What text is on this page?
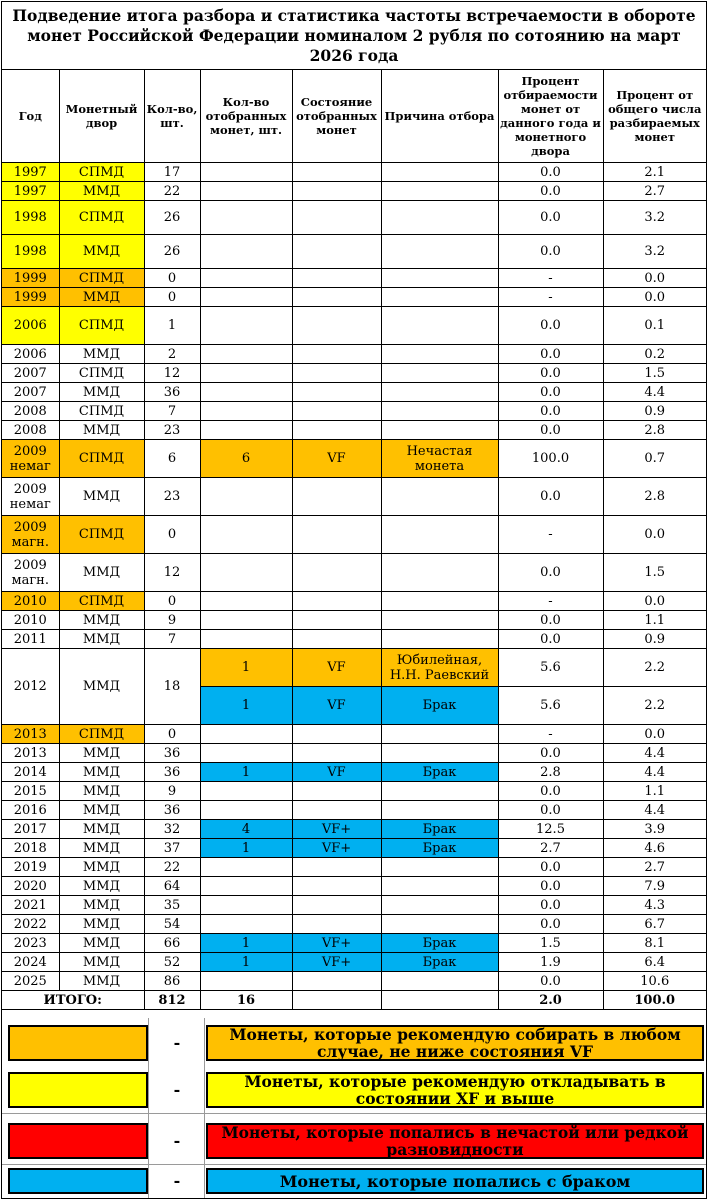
Подведение итога разбора и статистика частоты встречаемости в обороте монет Российской Федерации номиналом 2 рубля по сотоянию на март 2026 года
Год	Монетный двор	Кол-во, шт.	Кол-во отобранных монет, шт.	Состояние отобранных монет	Причина отбора	Процент отбираемости монет от данного года и монетного двора	Процент от общего числа разбираемых монет
1997	СПМД	17				0.0	2.1
1997	ММД	22				0.0	2.7
1998	СПМД	26				0.0	3.2
1998	ММД	26				0.0	3.2
1999	СПМД	0				-	0.0
1999	ММД	0				-	0.0
2006	СПМД	1				0.0	0.1
2006	ММД	2				0.0	0.2
2007	СПМД	12				0.0	1.5
2007	ММД	36				0.0	4.4
2008	СПМД	7				0.0	0.9
2008	ММД	23				0.0	2.8
2009 немаг	СПМД	6	6	VF	Нечастая монета	100.0	0.7
2009 немаг	ММД	23				0.0	2.8
2009 магн.	СПМД	0				-	0.0
2009 магн.	ММД	12				0.0	1.5
2010	СПМД	0				-	0.0
2010	ММД	9				0.0	1.1
2011	ММД	7				0.0	0.9
2012	ММД	18	1	VF	Юбилейная, Н.Н. Раевский	5.6	2.2
			1	VF	Брак	5.6	2.2
2013	СПМД	0				-	0.0
2013	ММД	36				0.0	4.4
2014	ММД	36	1	VF	Брак	2.8	4.4
2015	ММД	9				0.0	1.1
2016	ММД	36				0.0	4.4
2017	ММД	32	4	VF+	Брак	12.5	3.9
2018	ММД	37	1	VF+	Брак	2.7	4.6
2019	ММД	22				0.0	2.7
2020	ММД	64				0.0	7.9
2021	ММД	35				0.0	4.3
2022	ММД	54				0.0	6.7
2023	ММД	66	1	VF+	Брак	1.5	8.1
2024	ММД	52	1	VF+	Брак	1.9	6.4
2025	ММД	86				0.0	10.6
ИТОГО:		812	16			2.0	100.0
-	Монеты, которые рекомендую собирать в любом случае, не ниже состояния VF
-	Монеты, которые рекомендую откладывать в состоянии XF и выше
-	Монеты, которые попались в нечастой или редкой разновидности
-	Монеты, которые попались с браком
